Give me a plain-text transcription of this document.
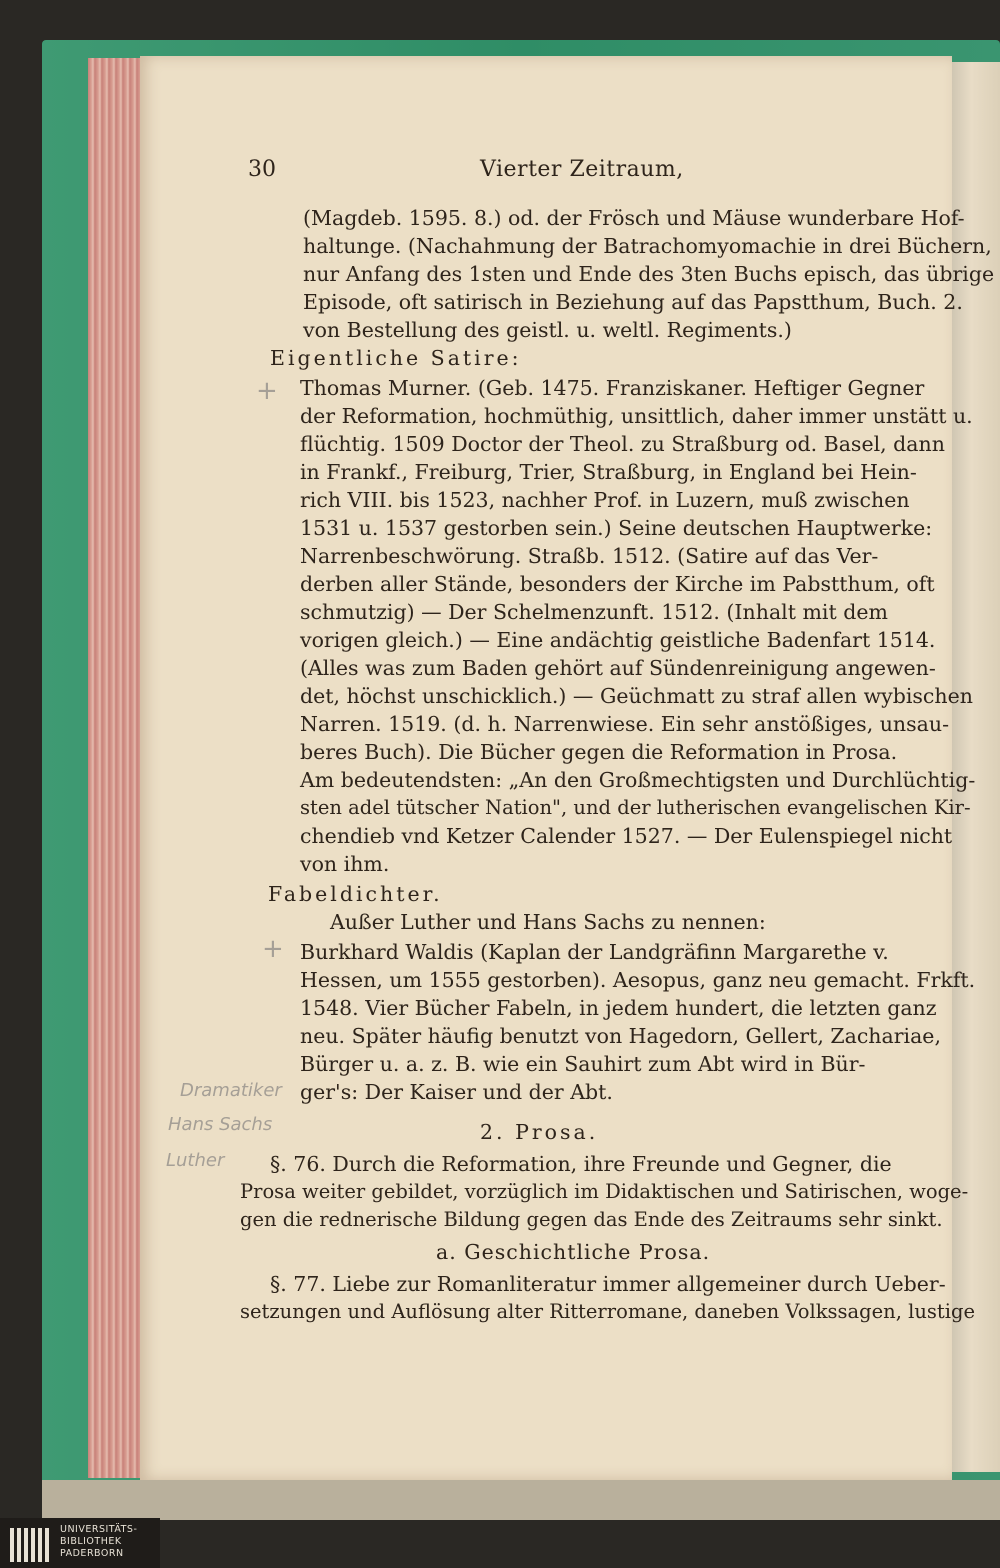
30	Vierter Zeitraum,
(Magdeb. 1595. 8.) od. der Frösch und Mäuse wunderbare Hof-
haltunge. (Nachahmung der Batrachomyomachie in drei Büchern,
nur Anfang des 1sten und Ende des 3ten Buchs episch, das übrige
Episode, oft satirisch in Beziehung auf das Papstthum, Buch. 2.
von Bestellung des geistl. u. weltl. Regiments.)
Eigentliche Satire:
Thomas Murner. (Geb. 1475. Franziskaner. Heftiger Gegner
der Reformation, hochmüthig, unsittlich, daher immer unstätt u.
flüchtig. 1509 Doctor der Theol. zu Straßburg od. Basel, dann
in Frankf., Freiburg, Trier, Straßburg, in England bei Hein-
rich VIII. bis 1523, nachher Prof. in Luzern, muß zwischen
1531 u. 1537 gestorben sein.) Seine deutschen Hauptwerke:
Narrenbeschwörung. Straßb. 1512. (Satire auf das Ver-
derben aller Stände, besonders der Kirche im Pabstthum, oft
schmutzig) — Der Schelmenzunft. 1512. (Inhalt mit dem
vorigen gleich.) — Eine andächtig geistliche Badenfart 1514.
(Alles was zum Baden gehört auf Sündenreinigung angewen-
det, höchst unschicklich.) — Geüchmatt zu straf allen wybischen
Narren. 1519. (d. h. Narrenwiese. Ein sehr anstößiges, unsau-
beres Buch). Die Bücher gegen die Reformation in Prosa.
Am bedeutendsten: „An den Großmechtigsten und Durchlüchtig-
sten adel tütscher Nation", und der lutherischen evangelischen Kir-
chendieb vnd Ketzer Calender 1527. — Der Eulenspiegel nicht
von ihm.
Fabeldichter.
Außer Luther und Hans Sachs zu nennen:
Burkhard Waldis (Kaplan der Landgräfinn Margarethe v.
Hessen, um 1555 gestorben). Aesopus, ganz neu gemacht. Frkft.
1548. Vier Bücher Fabeln, in jedem hundert, die letzten ganz
neu. Später häufig benutzt von Hagedorn, Gellert, Zachariae,
Bürger u. a. z. B. wie ein Sauhirt zum Abt wird in Bür-
ger's: Der Kaiser und der Abt.
2. Prosa.
§. 76. Durch die Reformation, ihre Freunde und Gegner, die
Prosa weiter gebildet, vorzüglich im Didaktischen und Satirischen, woge-
gen die rednerische Bildung gegen das Ende des Zeitraums sehr sinkt.
a. Geschichtliche Prosa.
§. 77. Liebe zur Romanliteratur immer allgemeiner durch Ueber-
setzungen und Auflösung alter Ritterromane, daneben Volkssagen, lustige
+
+
Dramatiker
Hans Sachs
Luther
UNIVERSITÄTS-
BIBLIOTHEK
PADERBORN
